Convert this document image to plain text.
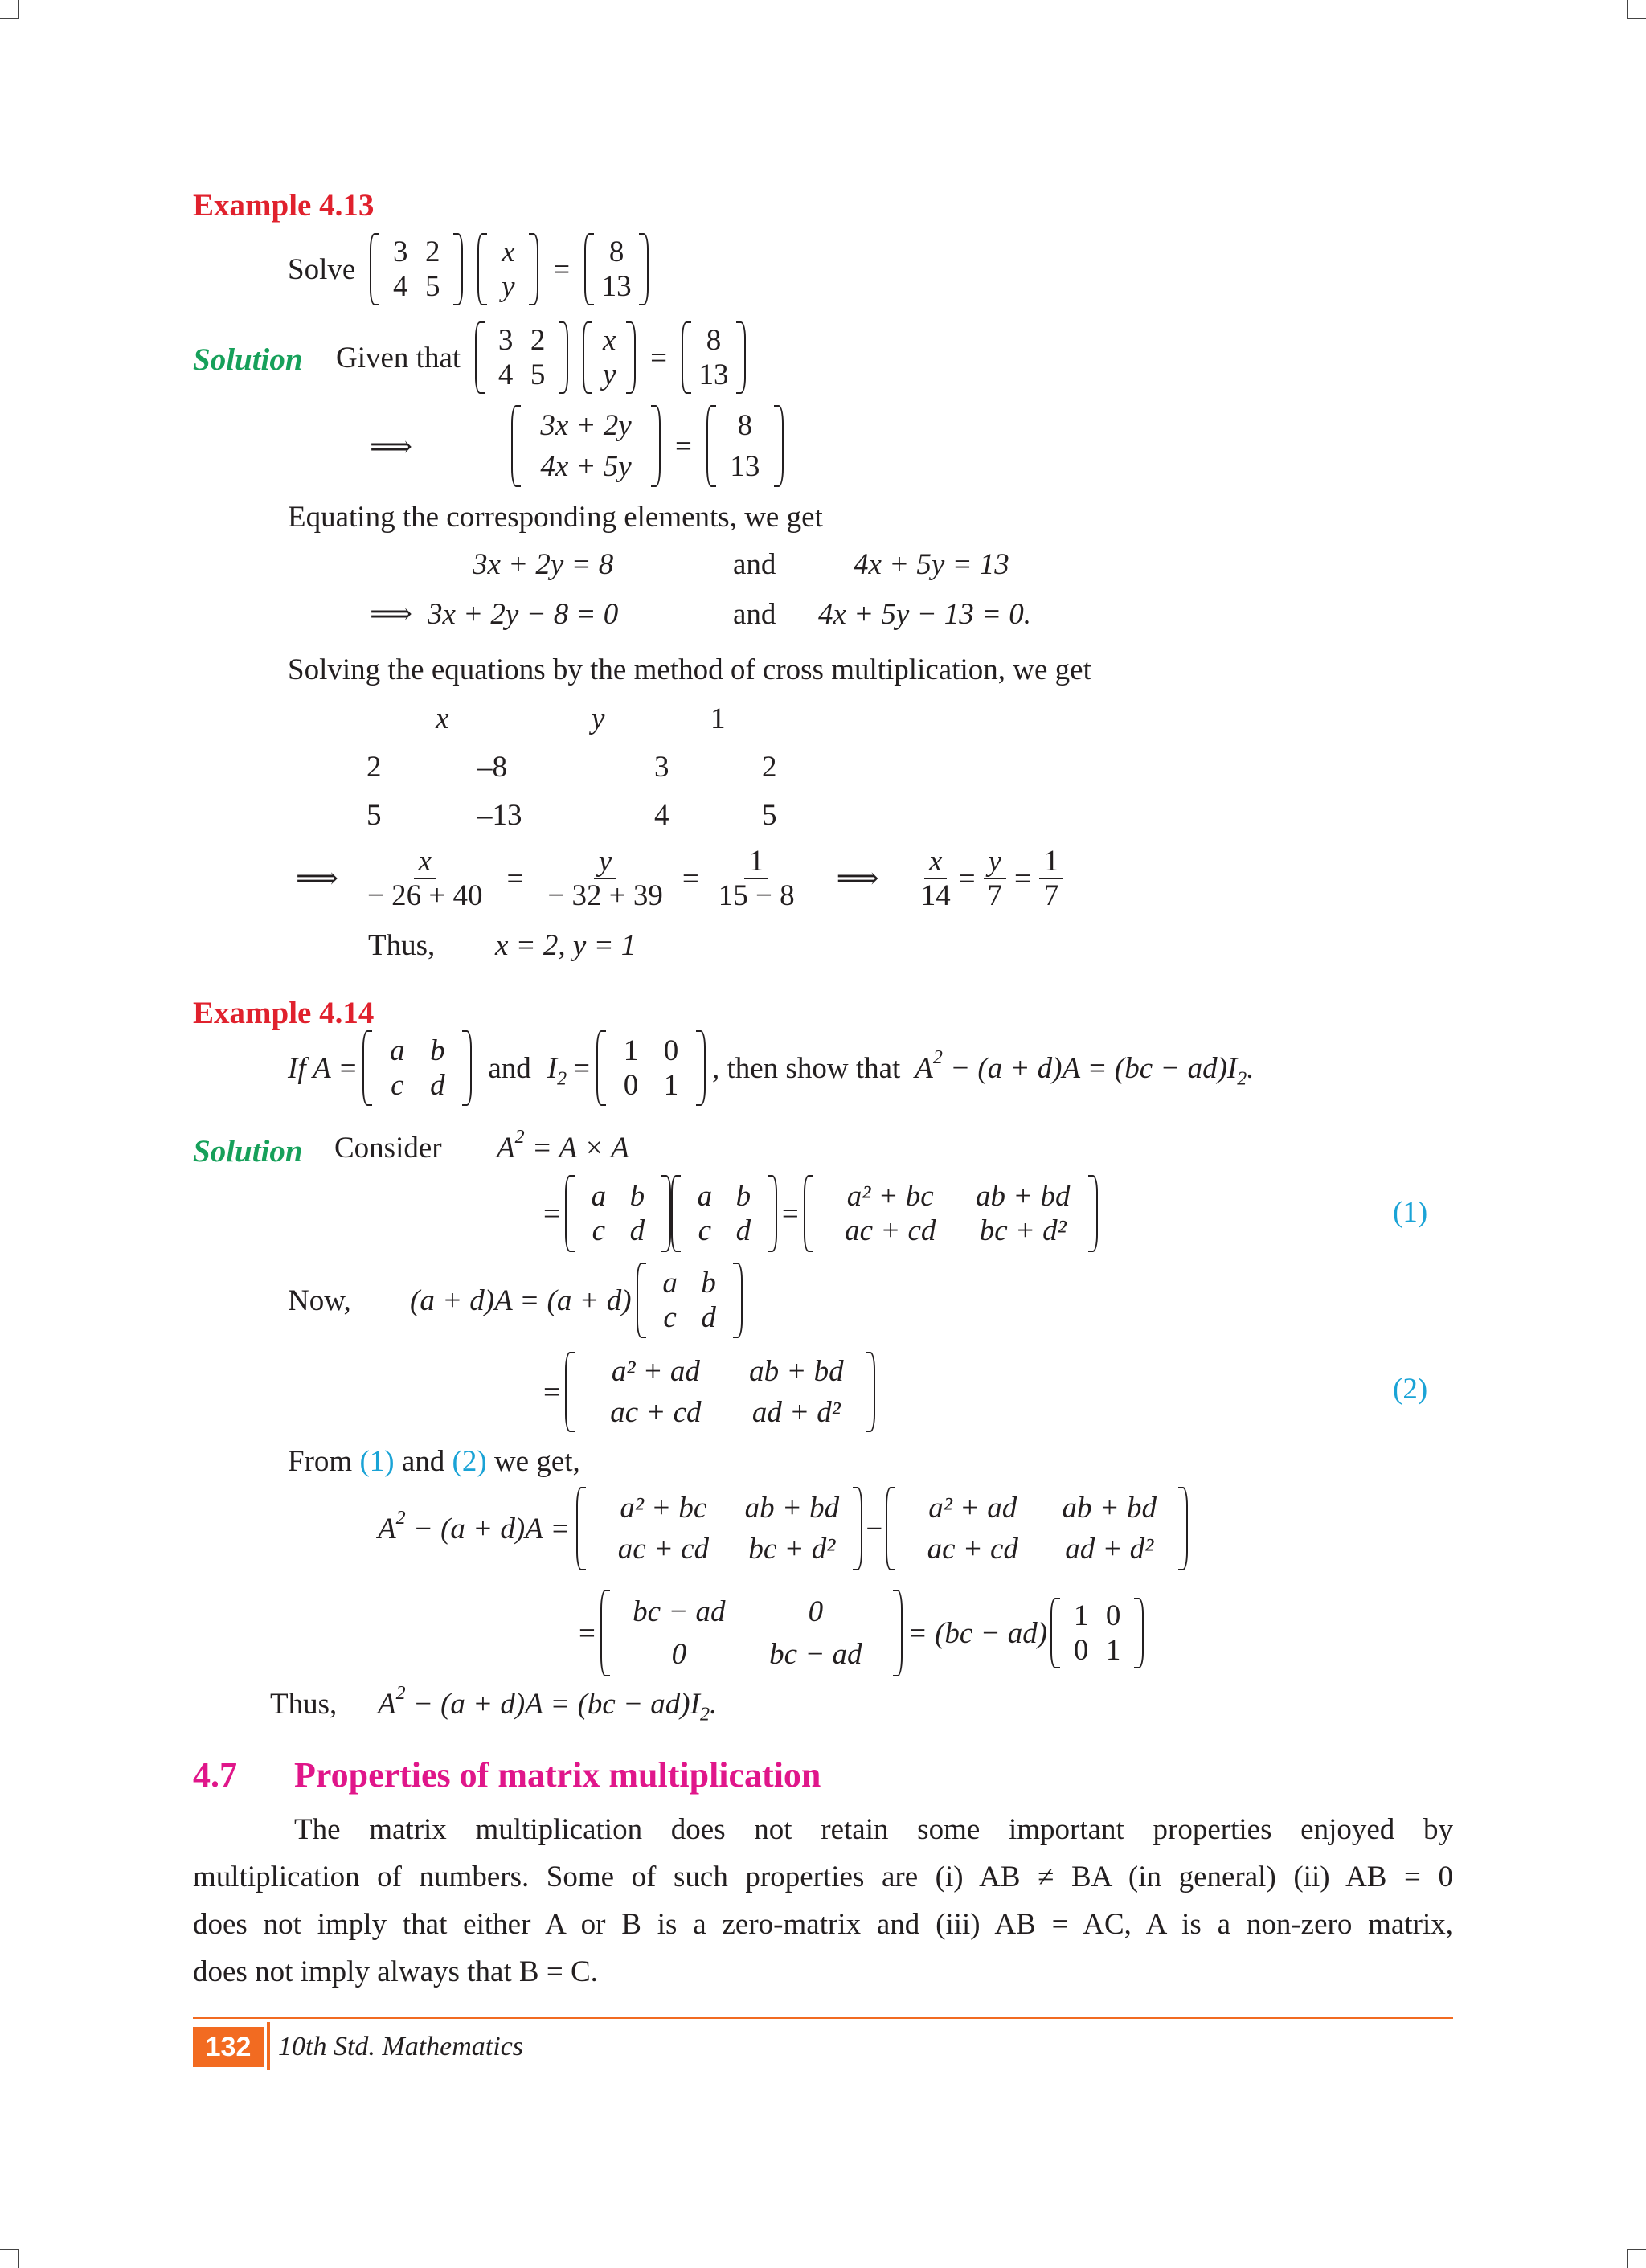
Example 4.13
Solve
3 2
4 5
x
y
=
8
13
Solution Given that
3 2
4 5
x
y
=
8
13
⟹
3x + 2y
4x + 5y
=
8
13
Equating the corresponding elements, we get
3x + 2y = 8	and	4x + 5y = 13
⟹ 3x + 2y − 8 = 0	and 4x + 5y − 13 = 0.
Solving the equations by the method of cross multiplication, we get
x	y	1
2	–8	3	2
5	–13	4	5
⟹ $\frac{x}{- 26 + 40} = \frac{y}{- 32 + 39} = \frac{1}{15 - 8}$ ⟹ $\frac{x}{14} = \frac{y}{7} = \frac{1}{7}$
Thus, x = 2, y = 1
Example 4.14
If A =
a b
c d
and $I_2$ =
1 0
0 1
, then show that $A^2 - (a + d)A = (bc - ad)I_2$.
Solution Consider $A^2 = A \times A$
=
a b
c d
a b
c d
=
a² + bc	ab + bd
ac + cd	bc + d²
(1)
Now, (a + d)A = (a + d)
a b
c d
=
a² + ad	ab + bd
ac + cd	ad + d²
(2)
From (1) and (2) we get,
$A^2 - (a + d)A$ =
a² + bc	ab + bd
ac + cd	bc + d²
−
a² + ad	ab + bd
ac + cd	ad + d²
=
bc − ad	0
0	bc − ad
= (bc − ad)
1 0
0 1
Thus, $A^2 - (a + d)A = (bc - ad)I_2$.
4.7 Properties of matrix multiplication
The matrix multiplication does not retain some important properties enjoyed by
multiplication of numbers. Some of such properties are (i) AB ≠ BA (in general) (ii) AB = 0
does not imply that either A or B is a zero-matrix and (iii) AB = AC, A is a non-zero matrix,
does not imply always that B = C.
132 10th Std. Mathematics
